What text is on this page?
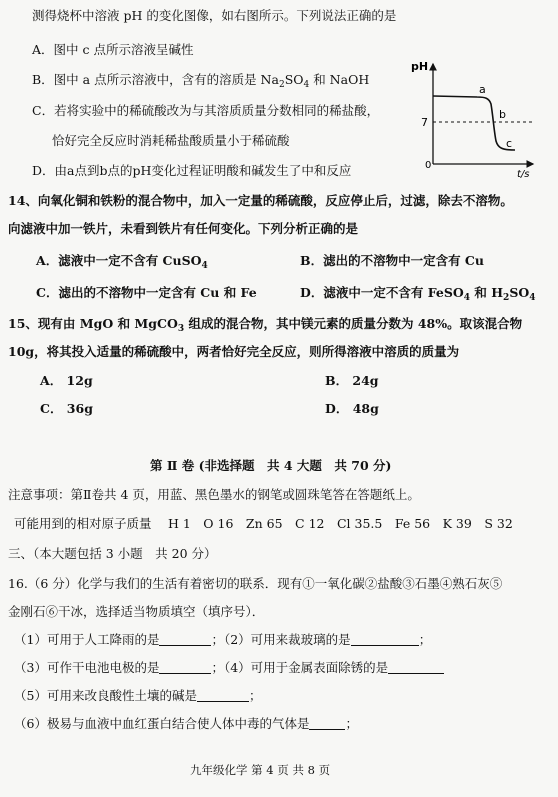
测得烧杯中溶液 pH 的变化图像，如右图所示。下列说法正确的是
A．图中 c 点所示溶液呈碱性
B．图中 a 点所示溶液中，含有的溶质是 $Na_2SO_4$ 和 NaOH
C．若将实验中的稀硫酸改为与其溶质质量分数相同的稀盐酸，
恰好完全反应时消耗稀盐酸质量小于稀硫酸
D．由a点到b点的pH变化过程证明酸和碱发生了中和反应
pH
t/s
0
7
a
b
c
14、向氧化铜和铁粉的混合物中，加入一定量的稀硫酸，反应停止后，过滤，除去不溶物。
向滤液中加一铁片，未看到铁片有任何变化。下列分析正确的是
A．滤液中一定不含有 CuSO$_4$	B．滤出的不溶物中一定含有 Cu
C．滤出的不溶物中一定含有 Cu 和 Fe	D．滤液中一定不含有 FeSO$_4$ 和 $H_2SO_4$
15、现有由 MgO 和 MgCO$_3$ 组成的混合物，其中镁元素的质量分数为 48%。取该混合物
10g，将其投入适量的稀硫酸中，两者恰好完全反应，则所得溶液中溶质的质量为
A． 12g	B． 24g
C． 36g	D． 48g
第 Ⅱ 卷 (非选择题　共 4 大题　共 70 分)
注意事项：第Ⅱ卷共 4 页，用蓝、黑色墨水的钢笔或圆珠笔答在答题纸上。
可能用到的相对原子质量　 H 1　O 16　Zn 65　C 12　Cl 35.5　Fe 56　K 39　S 32
三、（本大题包括 3 小题　共 20 分）
16.（6 分）化学与我们的生活有着密切的联系．现有①一氧化碳②盐酸③石墨④熟石灰⑤
金刚石⑥干冰，选择适当物质填空（填序号）．
（1）可用于人工降雨的是	；（2）可用来裁玻璃的是	；
（3）可作干电池电极的是	；（4）可用于金属表面除锈的是
（5）可用来改良酸性土壤的碱是	；
（6）极易与血液中血红蛋白结合使人体中毒的气体是	；
九年级化学 第 4 页 共 8 页
